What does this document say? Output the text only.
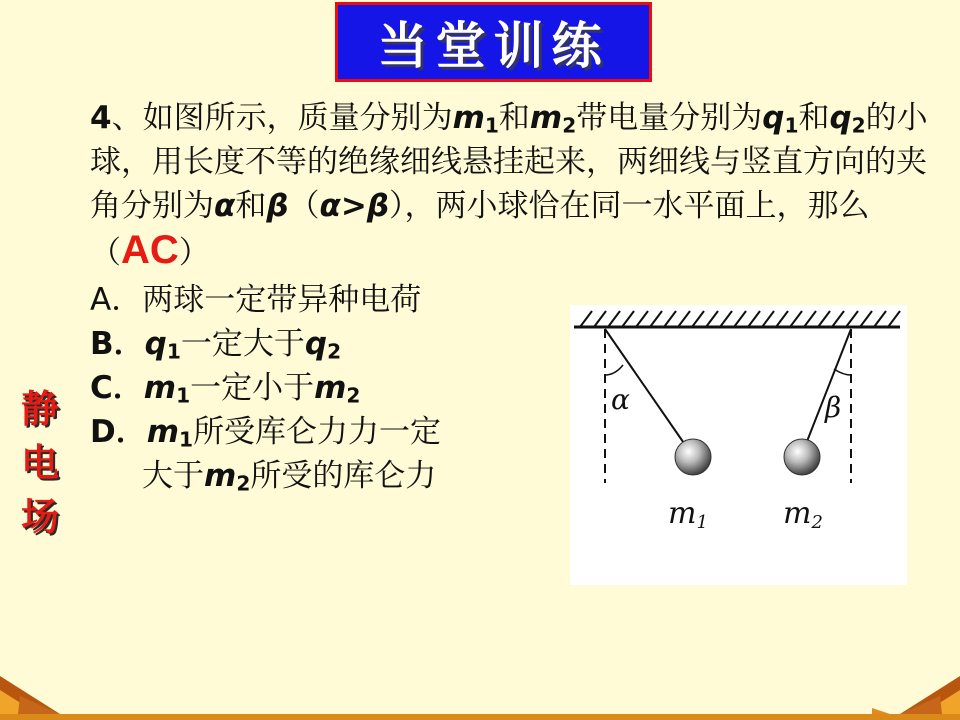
当堂训练
4、如图所示，质量分别为$m_1$和$m_2$带电量分别为$q_1$和$q_2$的小球，用长度不等的绝缘细线悬挂起来，两细线与竖直方向的夹角分别为α和β（α>β），两小球恰在同一水平面上，那么　（AC）
A．两球一定带异种电荷
B．$q_1$一定大于$q_2$
C．$m_1$一定小于$m_2$
D．$m_1$所受库仑力力一定
大于$m_2$所受的库仑力
静
电
场
α	β
m1	m2
